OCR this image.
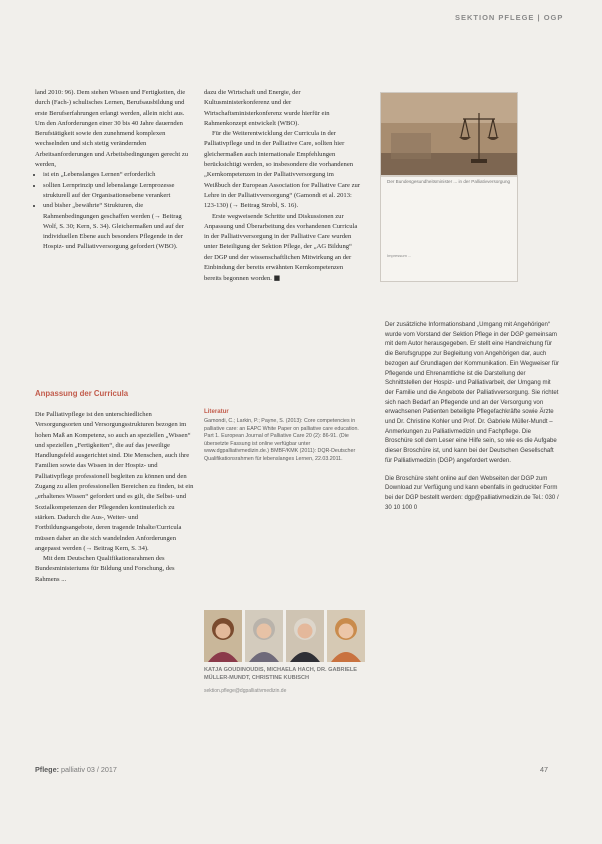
SEKTION PFLEGE | OGP

land 2010: 96). Dem stehen Wissen und Fertigkeiten, die durch (Fach-) schulisches Lernen, Berufsausbildung und erste Berufserfahrungen erlangt werden, allein nicht aus. Um den Anforderungen einer 30 bis 40 Jahre dauernden Berufstätigkeit sowie den zunehmend komplexen wechselnden und sich stetig verändernden Arbeitsanforderungen und Arbeitsbedingungen gerecht zu werden,

• ist ein „Lebenslanges Lernen“ erforderlich
• sollten Lernprinzip und lebenslange Lernprozesse strukturell auf der Organisationsebene verankert
• und bisher „bewährte“ Strukturen, die Rahmenbedingungen geschaffen werden (→ Beitrag Wolf, S. 30; Kern, S. 34). Gleichermaßen und auf der individuellen Ebene auch besonders Pflegende in der Hospiz- und Palliativversorgung gefordert (WBO).
Anpassung der Curricula

Die Palliativpflege ist den unterschiedlichen Versorgungsorten und Versorgungsstrukturen bezogen im hohen Maß an Kompetenz, so auch an speziellen „Wissen“ und speziellen „Fertigkeiten“, die auf das jeweilige Handlungsfeld ausgerichtet sind. Die Menschen, auch ihre Familien sowie das Wissen in der Hospiz- und Palliativpflege professionell begleiten zu können und den Zugang zu allen professionellen Bereichen zu finden, ist ein „erhaltenes Wissen“ gefordert und es gilt, die Selbst- und Sozialkompetenzen der Pflegenden kontinuierlich zu stärken. Dadurch die Aus-, Weiter- und Fortbildungsangebote, deren tragende Inhalte/Curricula müssen daher an die sich wandelnden Anforderungen angepasst werden (→ Beitrag Kern, S. 34).

Mit dem Deutschen Qualifikationsrahmen des Bundesministeriums für Bildung und Forschung, des Rahmens ...

dazu die Wirtschaft und Energie, der Kultusministerkonferenz und der Wirtschaftsministerkonferenz wurde hierfür ein Rahmenkonzept entwickelt (WBO).

Für die Weiterentwicklung der Curricula in der Palliativpflege und in der Palliative Care, sollten hier gleichermaßen auch internationale Empfehlungen berücksichtigt werden, so insbesondere die vorhandenen „Kernkompetenzen in der Palliativversorgung im Weißbuch der European Association for Palliative Care zur Lehre in der Palliativversorgung“ (Gamondi et al. 2013: 123-130) (→ Beitrag Strobl, S. 16).

Erste wegweisende Schritte und Diskussionen zur Anpassung und Überarbeitung des vorhandenen Curricula in der Palliativversorgung in der Palliative Care wurden unter Beteiligung der Sektion Pflege, der „AG Bildung“ der DGP und der wissenschaftlichen Mitwirkung an der Einbindung der bereits erwähnten Kernkompetenzen bereits begonnen worden. ■

Literatur
Gamondi, C.; Larkin, P.; Payne, S. (2013): Core competencies in palliative care: an EAPC White Paper on palliative care education. Part 1. European Journal of Palliative Care 20 (2): 86-91. (Die übersetzte Fassung ist online verfügbar unter www.dgpalliativmedizin.de.) BMBF/KMK (2011): DQR-Deutscher Qualifikationsrahmen für lebenslanges Lernen, 22.03.2011.
Der Bundesgesundheitsminister ... in der Palliativversorgung
Impressum ...

Der zusätzliche Informationsband „Umgang mit Angehörigen“ wurde vom Vorstand der Sektion Pflege in der DGP gemeinsam mit dem Autor herausgegeben. Er stellt eine Handreichung für die Berufsgruppe zur Begleitung von Angehörigen dar, auch bezogen auf Grundlagen der Kommunikation. Ein Wegweiser für Pflegende und Ehrenamtliche ist die Darstellung der Schnittstellen der Hospiz- und Palliativarbeit, der Umgang mit der Familie und die Angebote der Palliativversorgung. Sie richtet sich nach Bedarf an Pflegende und an der Versorgung von erwachsenen Patienten beteiligte Pflegefachkräfte sowie Ärzte und Dr. Christine Kohler und Prof. Dr. Gabriele Müller-Mundt – Anmerkungen zu Palliativmedizin und Fachpflege. Die Broschüre soll dem Leser eine Hilfe sein, so wie es die Aufgabe dieser Broschüre ist, und kann bei der Deutschen Gesellschaft für Palliativmedizin (DGP) angefordert werden.

Die Broschüre steht online auf den Webseiten der DGP zum Download zur Verfügung und kann ebenfalls in gedruckter Form bei der DGP bestellt werden: dgp@palliativmedizin.de Tel.: 030 / 30 10 100 0

KATJA GOUDINOUDIS, MICHAELA HACH, DR. GABRIELE MÜLLER-MUNDT, CHRISTINE KUBISCH
sektion.pflege@dgpalliativmedizin.de
Pflege: palliativ 03 / 2017	47
